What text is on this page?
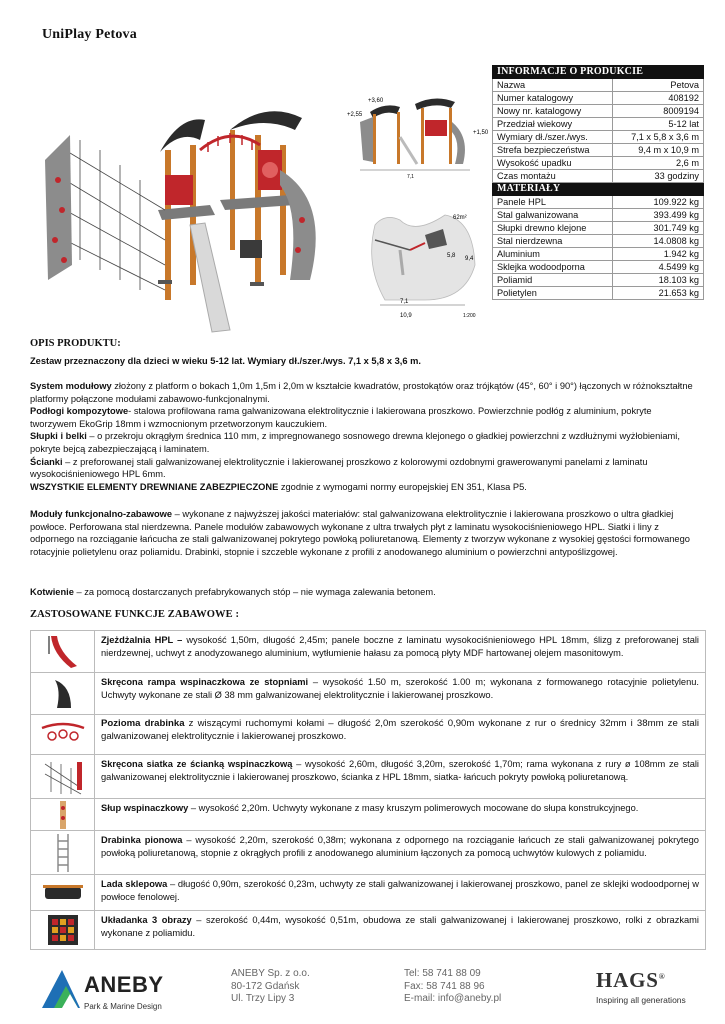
UniPlay Petova
+3,60
+2,55
+1,50
7,1
62m²
5,8 9,4
7,1
10,9	1:200
INFORMACJE O PRODUKCIE	
Nazwa	Petova
Numer katalogowy	408192
Nowy nr. katalogowy	8009194
Przedział wiekowy	5-12 lat
Wymiary dł./szer./wys.	7,1 x 5,8 x 3,6 m
Strefa bezpieczeństwa	9,4 m x 10,9 m
Wysokość upadku	2,6 m
Czas montażu	33 godziny
MATERIAŁY	
Panele HPL	109.922 kg
Stal galwanizowana	393.499 kg
Słupki drewno klejone	301.749 kg
Stal nierdzewna	14.0808 kg
Aluminium	1.942 kg
Sklejka wodoodporna	4.5499 kg
Poliamid	18.103 kg
Polietylen	21.653 kg
OPIS PRODUKTU:
Zestaw przeznaczony dla dzieci w wieku 5-12 lat. Wymiary dł./szer./wys. 7,1 x 5,8 x 3,6 m.
System modułowy złożony z platform o bokach 1,0m 1,5m i 2,0m w kształcie kwadratów, prostokątów oraz trójkątów (45°, 60° i 90°) łączonych w różnokształtne platformy połączone modułami zabawowo-funkcjonalnymi.
Podłogi kompozytowe- stalowa profilowana rama galwanizowana elektrolitycznie i lakierowana proszkowo. Powierzchnie podłóg z aluminium, pokryte tworzywem EkoGrip 18mm i wzmocnionym przetworzonym kauczukiem.
Słupki i belki – o przekroju okrągłym średnica 110 mm, z impregnowanego sosnowego drewna klejonego o gładkiej powierzchni z wzdłużnymi wyżłobieniami, pokryte bejcą zabezpieczającą i laminatem.
Ścianki – z preforowanej stali galwanizowanej elektrolitycznie i lakierowanej proszkowo z kolorowymi ozdobnymi grawerowanymi panelami z laminatu wysokociśnieniowego HPL 6mm.
WSZYSTKIE ELEMENTY DREWNIANE ZABEZPIECZONE zgodnie z wymogami normy europejskiej EN 351, Klasa P5.
Moduły funkcjonalno-zabawowe – wykonane z najwyższej jakości materiałów: stal galwanizowana elektrolitycznie i lakierowana proszkowo o ultra gładkiej powłoce. Perforowana stal nierdzewna. Panele modułów zabawowych wykonane z ultra trwałych płyt z laminatu wysokociśnieniowego HPL. Siatki i liny z odpornego na rozciąganie łańcucha ze stali galwanizowanej pokrytego powłoką poliuretanową. Elementy z tworzyw wykonane z wysokiej gęstości formowanego rotacyjnie polietylenu oraz poliamidu. Drabinki, stopnie i szczeble wykonane z profili z anodowanego aluminium o powierzchni antypoślizgowej.
Kotwienie – za pomocą dostarczanych prefabrykowanych stóp – nie wymaga zalewania betonem.
ZASTOSOWANE FUNKCJE ZABAWOWE :
Zjeżdżalnia HPL – wysokość 1,50m, długość 2,45m; panele boczne z laminatu wysokociśnieniowego HPL 18mm, ślizg z preforowanej stali nierdzewnej, uchwyt z anodyzowanego aluminium, wytłumienie hałasu za pomocą płyty MDF hartowanej olejem masonitowym.
Skręcona rampa wspinaczkowa ze stopniami – wysokość 1.50 m, szerokość 1.00 m; wykonana z formowanego rotacyjnie polietylenu. Uchwyty wykonane ze stali Ø 38 mm galwanizowanej elektrolitycznie i lakierowanej proszkowo.
Pozioma drabinka z wiszącymi ruchomymi kołami – długość 2,0m szerokość 0,90m wykonane z rur o średnicy 32mm i 38mm ze stali galwanizowanej elektrolitycznie i lakierowanej proszkowo.
Skręcona siatka ze ścianką wspinaczkową – wysokość 2,60m, długość 3,20m, szerokość 1,70m; rama wykonana z rury ø 108mm ze stali galwanizowanej elektrolitycznie i lakierowanej proszkowo, ścianka z HPL 18mm, siatka- łańcuch pokryty powłoką poliuretanową.
Słup wspinaczkowy – wysokość 2,20m. Uchwyty wykonane z masy kruszym polimerowych mocowane do słupa konstrukcyjnego.
Drabinka pionowa – wysokość 2,20m, szerokość 0,38m; wykonana z odpornego na rozciąganie łańcuch ze stali galwanizowanej pokrytego powłoką poliuretanową, stopnie z okrągłych profili z anodowanego aluminium łączonych za pomocą uchwytów kulowych z poliamidu.
Lada sklepowa – długość 0,90m, szerokość 0,23m, uchwyty ze stali galwanizowanej i lakierowanej proszkowo, panel ze sklejki wodoodpornej w powłoce fenolowej.
Układanka 3 obrazy – szerokość 0,44m, wysokość 0,51m, obudowa ze stali galwanizowanej i lakierowanej proszkowo, rolki z obrazkami wykonane z poliamidu.
ANEBY
Park & Marine Design
ANEBY Sp. z o.o.
80-172 Gdańsk
Ul. Trzy Lipy 3
Tel: 58 741 88 09
Fax: 58 741 88 96
E-mail: info@aneby.pl
HAGS®
Inspiring all generations
